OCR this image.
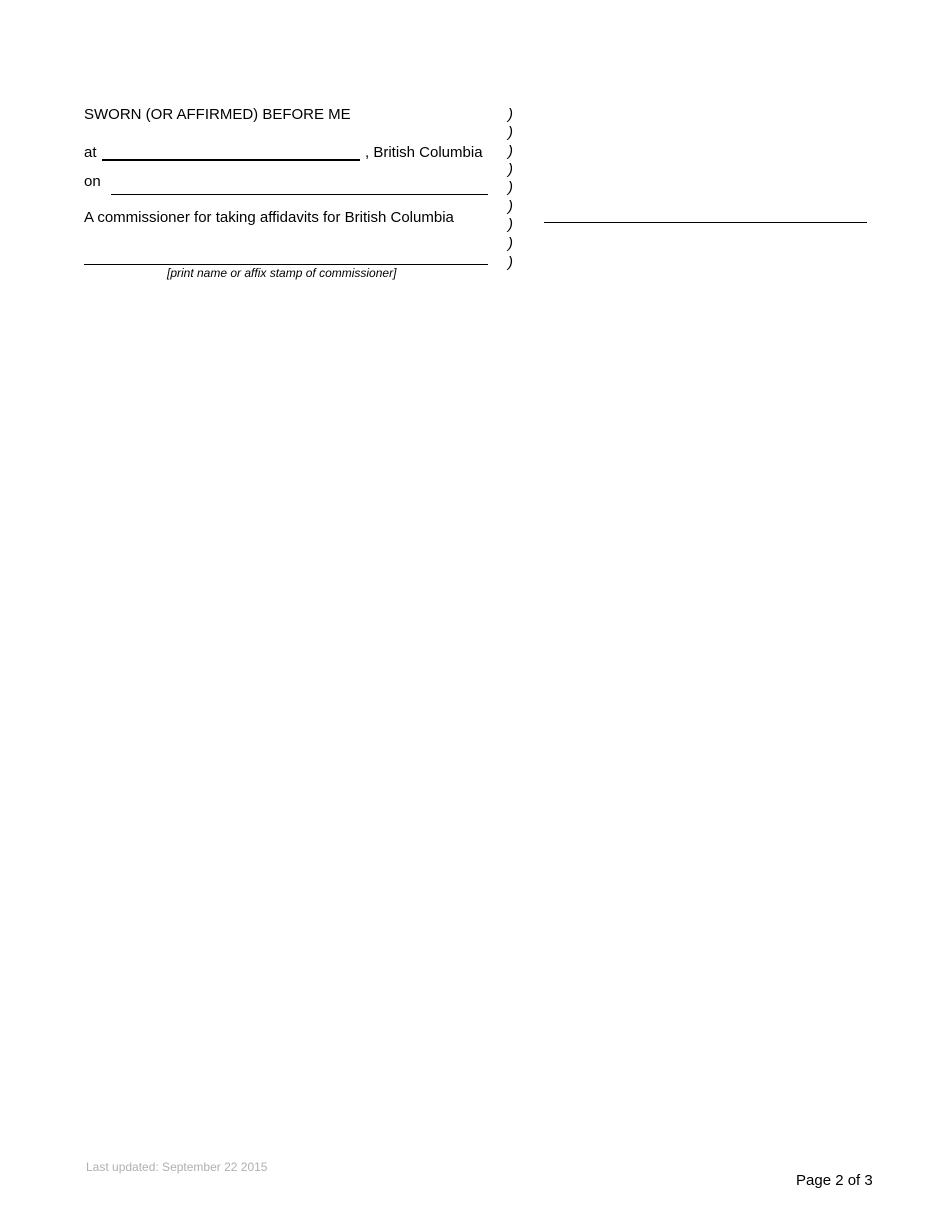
SWORN (OR AFFIRMED) BEFORE ME
at	, British Columbia
on
A commissioner for taking affidavits for British Columbia
[print name or affix stamp of commissioner]
)
)
)
)
)
)
)
)
)
Last updated: September 22 2015
Page 2 of 3
